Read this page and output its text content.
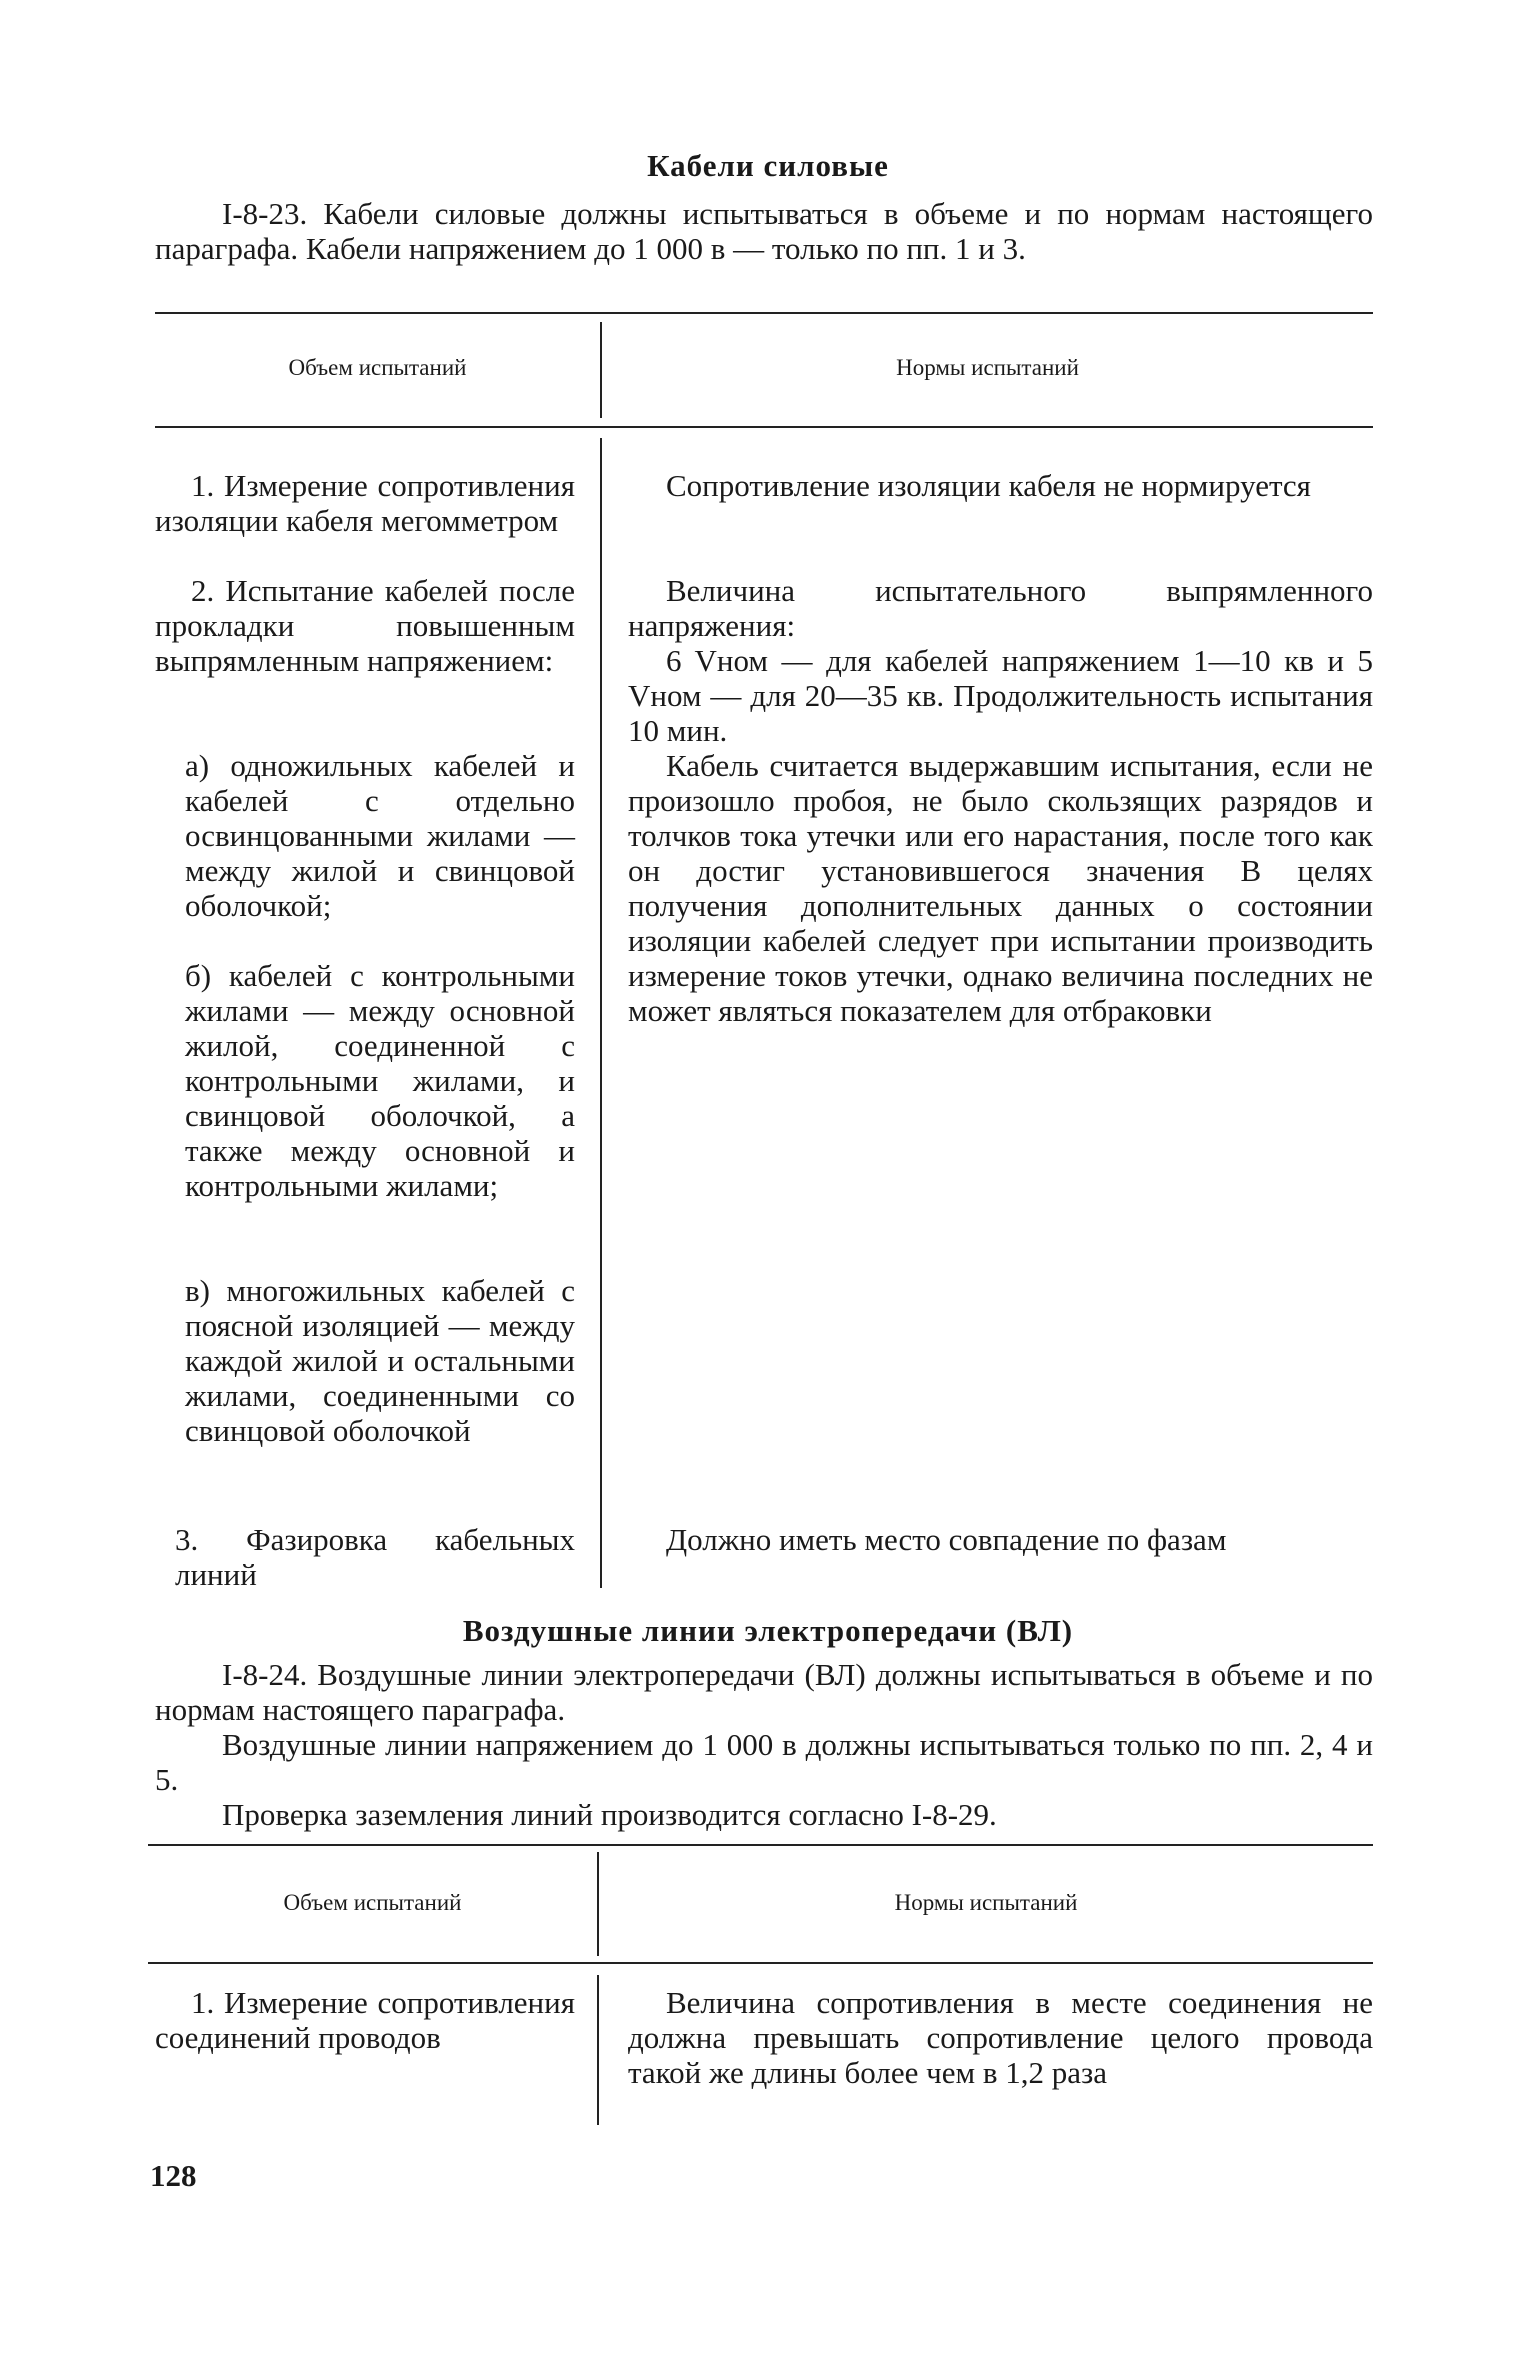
Кабели силовые
I-8-23. Кабели силовые должны испытываться в объеме и по нормам настоящего параграфа. Кабели напряжением до 1 000 в — только по пп. 1 и 3.
Объем испытаний	Нормы испытаний
1. Измерение сопротивления изоляции кабеля мегомметром
2. Испытание кабелей после прокладки повышенным выпрямленным напряжением:
а) одножильных кабелей и кабелей с отдельно освинцованными жилами — между жилой и свинцовой оболочкой;
б) кабелей с контрольными жилами — между основной жилой, соединенной с контрольными жилами, и свинцовой оболочкой, а также между основной и контрольными жилами;
в) многожильных кабелей с поясной изоляцией — между каждой жилой и остальными жилами, соединенными со свинцовой оболочкой
3. Фазировка кабельных линий
Сопротивление изоляции кабеля не нормируется
Величина испытательного выпрямленного напряжения:
6 Vном — для кабелей напряжением 1—10 кв и 5 Vном — для 20—35 кв. Продолжительность испытания 10 мин.
Кабель считается выдержавшим испытания, если не произошло пробоя, не было скользящих разрядов и толчков тока утечки или его нарастания, после того как он достиг установившегося значения В целях получения дополнительных данных о состоянии изоляции кабелей следует при испытании производить измерение токов утечки, однако величина последних не может являться показателем для отбраковки
Должно иметь место совпадение по фазам
Воздушные линии электропередачи (ВЛ)
I-8-24. Воздушные линии электропередачи (ВЛ) должны испытываться в объеме и по нормам настоящего параграфа.
Воздушные линии напряжением до 1 000 в должны испытываться только по пп. 2, 4 и 5.
Проверка заземления линий производится согласно I-8-29.
Объем испытаний	Нормы испытаний
1. Измерение сопротивления соединений проводов
Величина сопротивления в месте соединения не должна превышать сопротивление целого провода такой же длины более чем в 1,2 раза
128
